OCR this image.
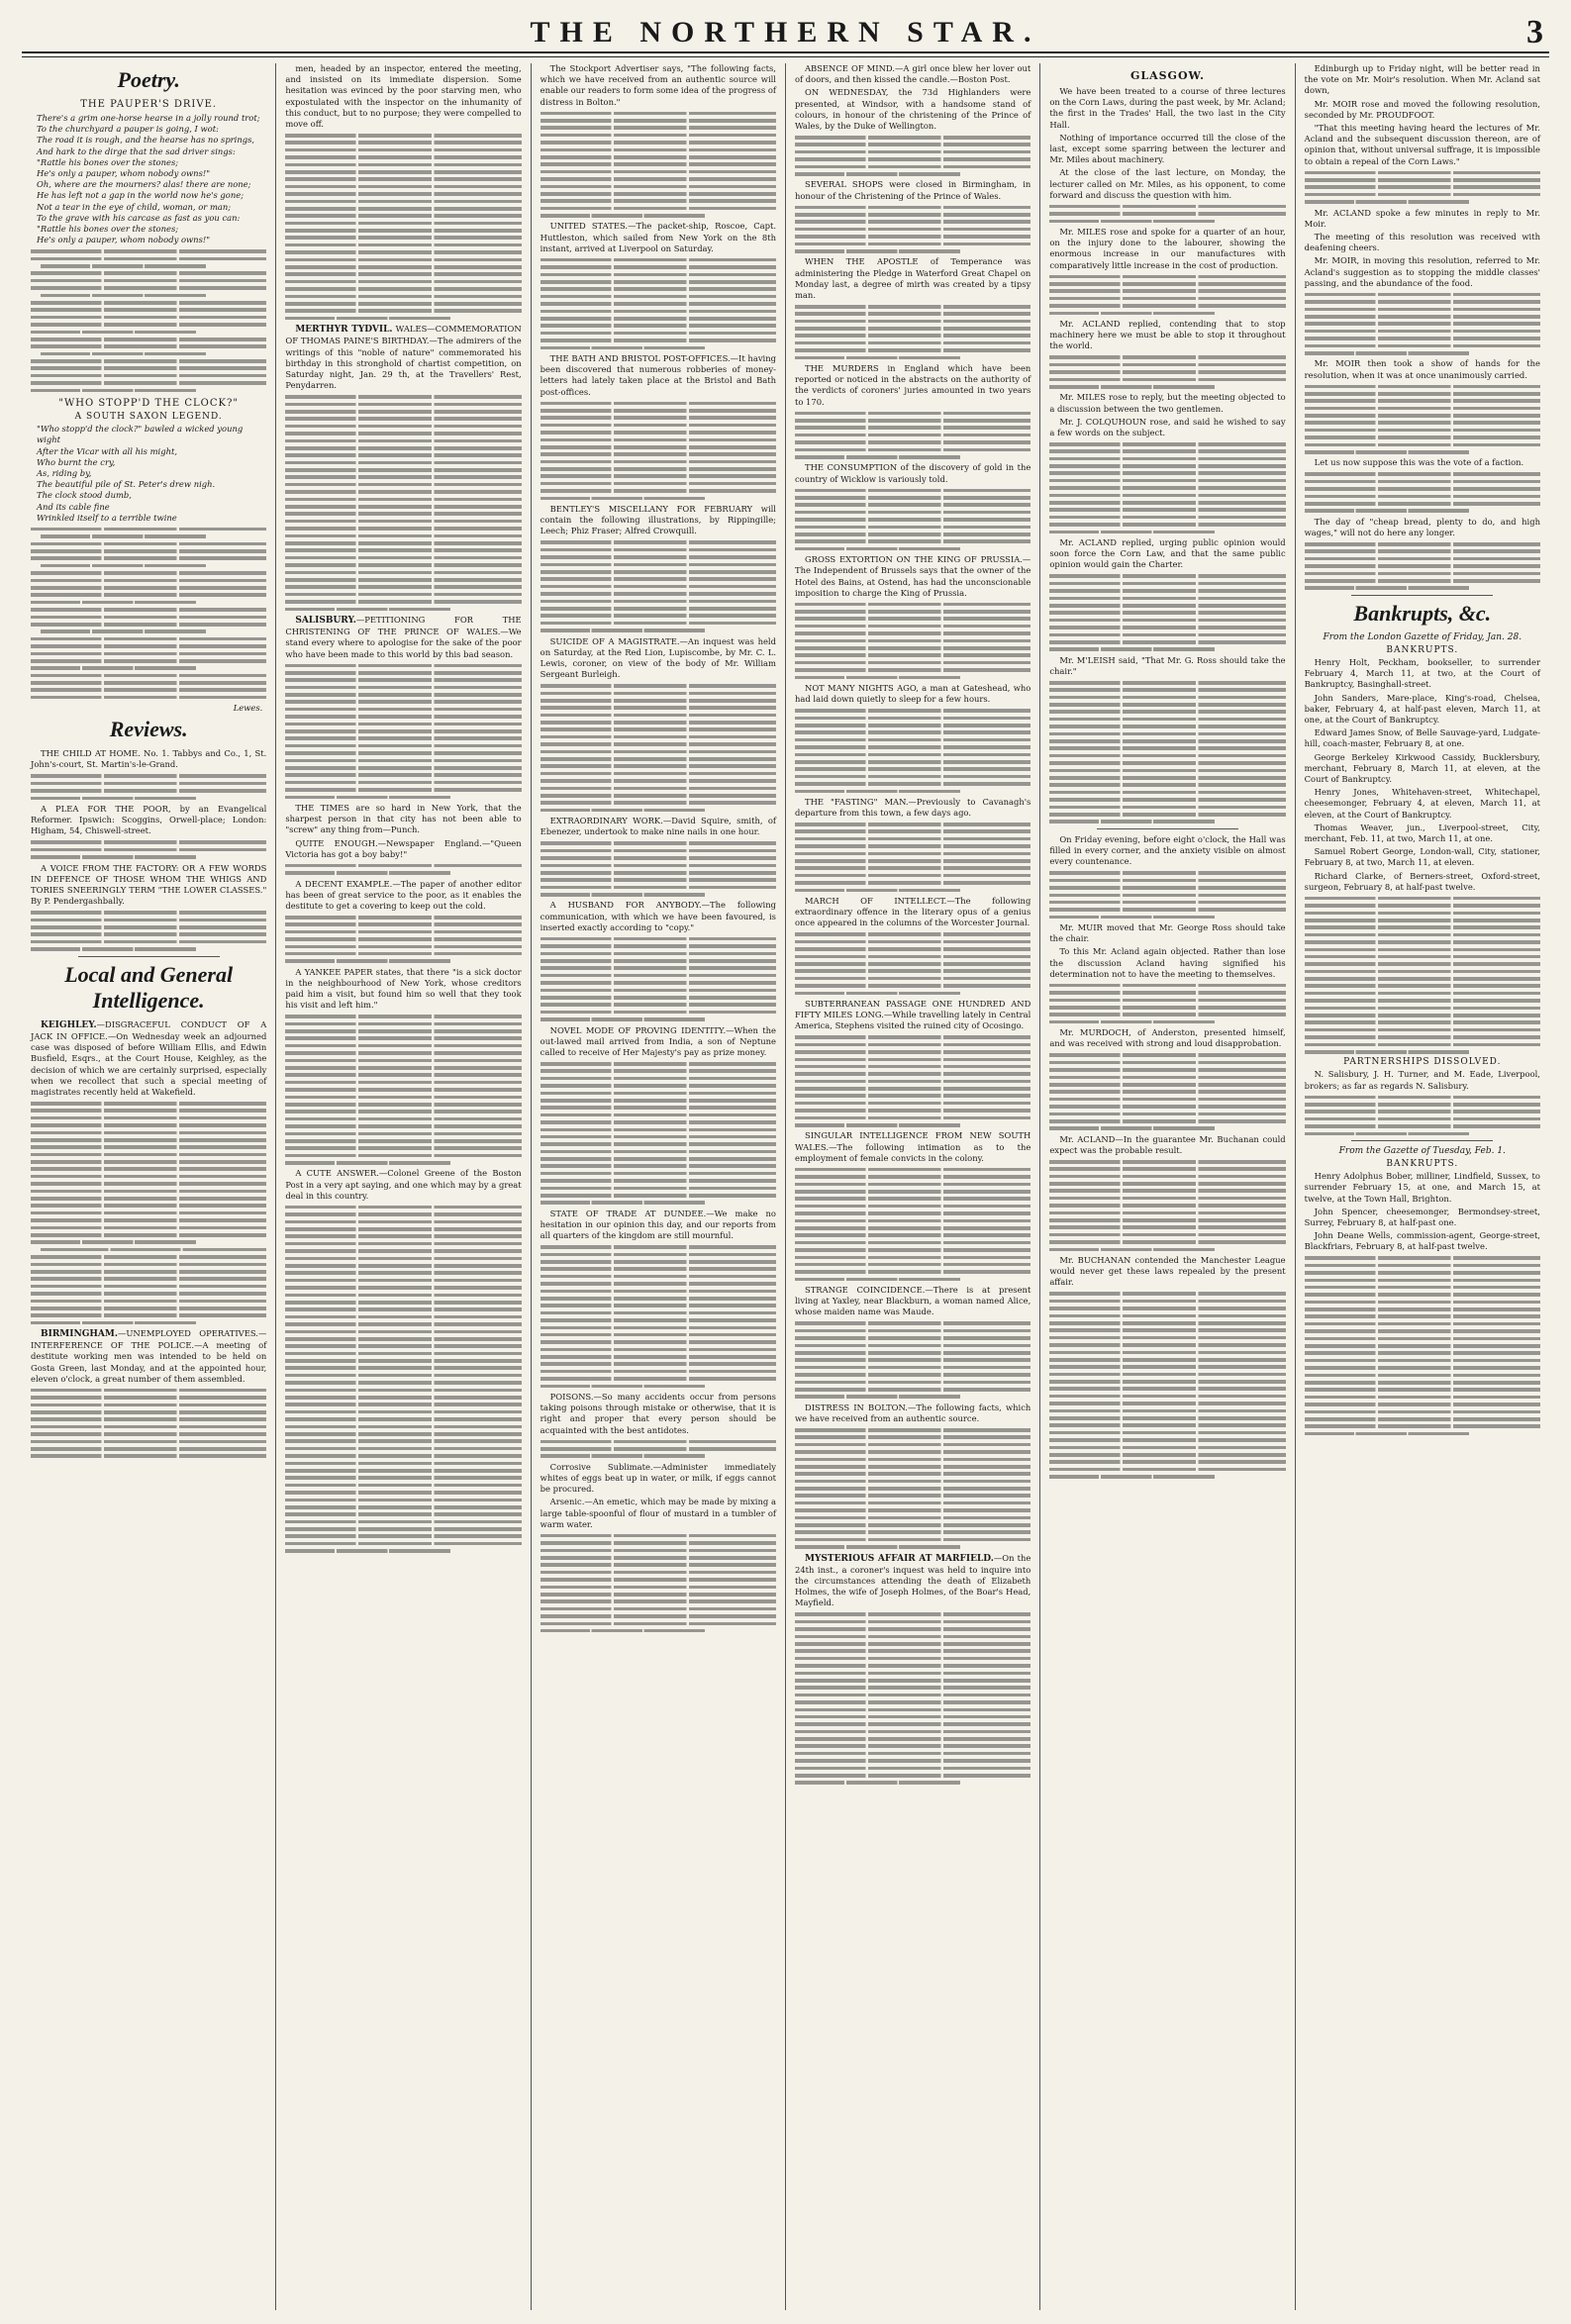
THE NORTHERN STAR.	3
Poetry.
THE PAUPER'S DRIVE.
There's a grim one-horse hearse in a jolly round trot;
To the churchyard a pauper is going, I wot:
The road it is rough, and the hearse has no springs,
And hark to the dirge that the sad driver sings:
"Rattle his bones over the stones;
He's only a pauper, whom nobody owns!"
Oh, where are the mourners? alas! there are none;
He has left not a gap in the world now he's gone;
Not a tear in the eye of child, woman, or man;
To the grave with his carcase as fast as you can:
"Rattle his bones over the stones;
He's only a pauper, whom nobody owns!"
"WHO STOPP'D THE CLOCK?"
A SOUTH SAXON LEGEND.
"Who stopp'd the clock?" bawled a wicked young wight
After the Vicar with all his might,
Who burnt the cry,
As, riding by,
The beautiful pile of St. Peter's drew nigh.
The clock stood dumb,
And its cable fine
Wrinkled itself to a terrible twine
Lewes.
Reviews.

THE CHILD AT HOME. No. 1. Tabbys and Co., 1, St. John's-court, St. Martin's-le-Grand.

A PLEA FOR THE POOR, by an Evangelical Reformer. Ipswich: Scoggins, Orwell-place; London: Higham, 54, Chiswell-street.

A VOICE FROM THE FACTORY: OR A FEW WORDS IN DEFENCE OF THOSE WHOM THE WHIGS AND TORIES SNEERINGLY TERM "THE LOWER CLASSES." By P. Pendergashbally.

Local and General Intelligence.

KEIGHLEY.—DISGRACEFUL CONDUCT OF A JACK IN OFFICE.—On Wednesday week an adjourned case was disposed of before William Ellis, and Edwin Busfield, Esqrs., at the Court House, Keighley, as the decision of which we are certainly surprised, especially when we recollect that such a special meeting of magistrates recently held at Wakefield.

BIRMINGHAM.—UNEMPLOYED OPERATIVES.—INTERFERENCE OF THE POLICE.—A meeting of destitute working men was intended to be held on Gosta Green, last Monday, and at the appointed hour, eleven o'clock, a great number of them assembled.

men, headed by an inspector, entered the meeting, and insisted on its immediate dispersion. Some hesitation was evinced by the poor starving men, who expostulated with the inspector on the inhumanity of this conduct, but to no purpose; they were compelled to move off.

MERTHYR TYDVIL. WALES—COMMEMORATION OF THOMAS PAINE'S BIRTHDAY.—The admirers of the writings of this "noble of nature" commemorated his birthday in this stronghold of chartist competition, on Saturday night, Jan. 29 th, at the Travellers' Rest, Penydarren.

SALISBURY.—PETITIONING FOR THE CHRISTENING OF THE PRINCE OF WALES.—We stand every where to apologise for the sake of the poor who have been made to this world by this bad season.

THE TIMES are so hard in New York, that the sharpest person in that city has not been able to "screw" any thing from—Punch.

QUITE ENOUGH.—Newspaper England.—"Queen Victoria has got a boy baby!"

A DECENT EXAMPLE.—The paper of another editor has been of great service to the poor, as it enables the destitute to get a covering to keep out the cold.

A YANKEE PAPER states, that there "is a sick doctor in the neighbourhood of New York, whose creditors paid him a visit, but found him so well that they took his visit and left him."

A CUTE ANSWER.—Colonel Greene of the Boston Post in a very apt saying, and one which may by a great deal in this country.

The Stockport Advertiser says, "The following facts, which we have received from an authentic source will enable our readers to form some idea of the progress of distress in Bolton."

UNITED STATES.—The packet-ship, Roscoe, Capt. Huttleston, which sailed from New York on the 8th instant, arrived at Liverpool on Saturday.

THE BATH AND BRISTOL POST-OFFICES.—It having been discovered that numerous robberies of money-letters had lately taken place at the Bristol and Bath post-offices.

BENTLEY'S MISCELLANY FOR FEBRUARY will contain the following illustrations, by Rippingille; Leech; Phiz Fraser; Alfred Crowquill.

SUICIDE OF A MAGISTRATE.—An inquest was held on Saturday, at the Red Lion, Lupiscombe, by Mr. C. L. Lewis, coroner, on view of the body of Mr. William Sergeant Burleigh.

EXTRAORDINARY WORK.—David Squire, smith, of Ebenezer, undertook to make nine nails in one hour.

A HUSBAND FOR ANYBODY.—The following communication, with which we have been favoured, is inserted exactly according to "copy."

NOVEL MODE OF PROVING IDENTITY.—When the out-lawed mail arrived from India, a son of Neptune called to receive of Her Majesty's pay as prize money.

STATE OF TRADE AT DUNDEE.—We make no hesitation in our opinion this day, and our reports from all quarters of the kingdom are still mournful.

POISONS.—So many accidents occur from persons taking poisons through mistake or otherwise, that it is right and proper that every person should be acquainted with the best antidotes.

Corrosive Sublimate.—Administer immediately whites of eggs beat up in water, or milk, if eggs cannot be procured.

Arsenic.—An emetic, which may be made by mixing a large table-spoonful of flour of mustard in a tumbler of warm water.

ABSENCE OF MIND.—A girl once blew her lover out of doors, and then kissed the candle.—Boston Post.

ON WEDNESDAY, the 73d Highlanders were presented, at Windsor, with a handsome stand of colours, in honour of the christening of the Prince of Wales, by the Duke of Wellington.

SEVERAL SHOPS were closed in Birmingham, in honour of the Christening of the Prince of Wales.

WHEN THE APOSTLE of Temperance was administering the Pledge in Waterford Great Chapel on Monday last, a degree of mirth was created by a tipsy man.

THE MURDERS in England which have been reported or noticed in the abstracts on the authority of the verdicts of coroners' juries amounted in two years to 170.

THE CONSUMPTION of the discovery of gold in the country of Wicklow is variously told.

GROSS EXTORTION ON THE KING OF PRUSSIA.—The Independent of Brussels says that the owner of the Hotel des Bains, at Ostend, has had the unconscionable imposition to charge the King of Prussia.

NOT MANY NIGHTS AGO, a man at Gateshead, who had laid down quietly to sleep for a few hours.

THE "FASTING" MAN.—Previously to Cavanagh's departure from this town, a few days ago.

MARCH OF INTELLECT.—The following extraordinary offence in the literary opus of a genius once appeared in the columns of the Worcester Journal.

SUBTERRANEAN PASSAGE ONE HUNDRED AND FIFTY MILES LONG.—While travelling lately in Central America, Stephens visited the ruined city of Ocosingo.

SINGULAR INTELLIGENCE FROM NEW SOUTH WALES.—The following intimation as to the employment of female convicts in the colony.

STRANGE COINCIDENCE.—There is at present living at Yaxley, near Blackburn, a woman named Alice, whose maiden name was Maude.

DISTRESS IN BOLTON.—The following facts, which we have received from an authentic source.

MYSTERIOUS AFFAIR AT MARFIELD.—On the 24th inst., a coroner's inquest was held to inquire into the circumstances attending the death of Elizabeth Holmes, the wife of Joseph Holmes, of the Boar's Head, Mayfield.

GLASGOW.

We have been treated to a course of three lectures on the Corn Laws, during the past week, by Mr. Acland; the first in the Trades' Hall, the two last in the City Hall.

Nothing of importance occurred till the close of the last, except some sparring between the lecturer and Mr. Miles about machinery.

At the close of the last lecture, on Monday, the lecturer called on Mr. Miles, as his opponent, to come forward and discuss the question with him.

Mr. MILES rose and spoke for a quarter of an hour, on the injury done to the labourer, showing the enormous increase in our manufactures with comparatively little increase in the cost of production.

Mr. ACLAND replied, contending that to stop machinery here we must be able to stop it throughout the world.

Mr. MILES rose to reply, but the meeting objected to a discussion between the two gentlemen.

Mr. J. COLQUHOUN rose, and said he wished to say a few words on the subject.

Mr. ACLAND replied, urging public opinion would soon force the Corn Law, and that the same public opinion would gain the Charter.

Mr. M'LEISH said, "That Mr. G. Ross should take the chair."

On Friday evening, before eight o'clock, the Hall was filled in every corner, and the anxiety visible on almost every countenance.

Mr. MUIR moved that Mr. George Ross should take the chair.

To this Mr. Acland again objected. Rather than lose the discussion Acland having signified his determination not to have the meeting to themselves.

Mr. MURDOCH, of Anderston, presented himself, and was received with strong and loud disapprobation.

Mr. ACLAND—In the guarantee Mr. Buchanan could expect was the probable result.

Mr. BUCHANAN contended the Manchester League would never get these laws repealed by the present affair.

Edinburgh up to Friday night, will be better read in the vote on Mr. Moir's resolution. When Mr. Acland sat down,

Mr. MOIR rose and moved the following resolution, seconded by Mr. PROUDFOOT.

"That this meeting having heard the lectures of Mr. Acland and the subsequent discussion thereon, are of opinion that, without universal suffrage, it is impossible to obtain a repeal of the Corn Laws."

Mr. ACLAND spoke a few minutes in reply to Mr. Moir.

The meeting of this resolution was received with deafening cheers.

Mr. MOIR, in moving this resolution, referred to Mr. Acland's suggestion as to stopping the middle classes' passing, and the abundance of the food.

Mr. MOIR then took a show of hands for the resolution, when it was at once unanimously carried.

Let us now suppose this was the vote of a faction.

The day of "cheap bread, plenty to do, and high wages," will not do here any longer.

Bankrupts, &c.
From the London Gazette of Friday, Jan. 28.
BANKRUPTS.

Henry Holt, Peckham, bookseller, to surrender February 4, March 11, at two, at the Court of Bankruptcy, Basinghall-street.

John Sanders, Mare-place, King's-road, Chelsea, baker, February 4, at half-past eleven, March 11, at one, at the Court of Bankruptcy.

Edward James Snow, of Belle Sauvage-yard, Ludgate-hill, coach-master, February 8, at one.

George Berkeley Kirkwood Cassidy, Bucklersbury, merchant, February 8, March 11, at eleven, at the Court of Bankruptcy.

Henry Jones, Whitehaven-street, Whitechapel, cheesemonger, February 4, at eleven, March 11, at eleven, at the Court of Bankruptcy.

Thomas Weaver, jun., Liverpool-street, City, merchant, Feb. 11, at two, March 11, at one.

Samuel Robert George, London-wall, City, stationer, February 8, at two, March 11, at eleven.

Richard Clarke, of Berners-street, Oxford-street, surgeon, February 8, at half-past twelve.

PARTNERSHIPS DISSOLVED.

N. Salisbury, J. H. Turner, and M. Eade, Liverpool, brokers; as far as regards N. Salisbury.

From the Gazette of Tuesday, Feb. 1.
BANKRUPTS.

Henry Adolphus Bober, milliner, Lindfield, Sussex, to surrender February 15, at one, and March 15, at twelve, at the Town Hall, Brighton.

John Spencer, cheesemonger, Bermondsey-street, Surrey, February 8, at half-past one.

John Deane Wells, commission-agent, George-street, Blackfriars, February 8, at half-past twelve.
